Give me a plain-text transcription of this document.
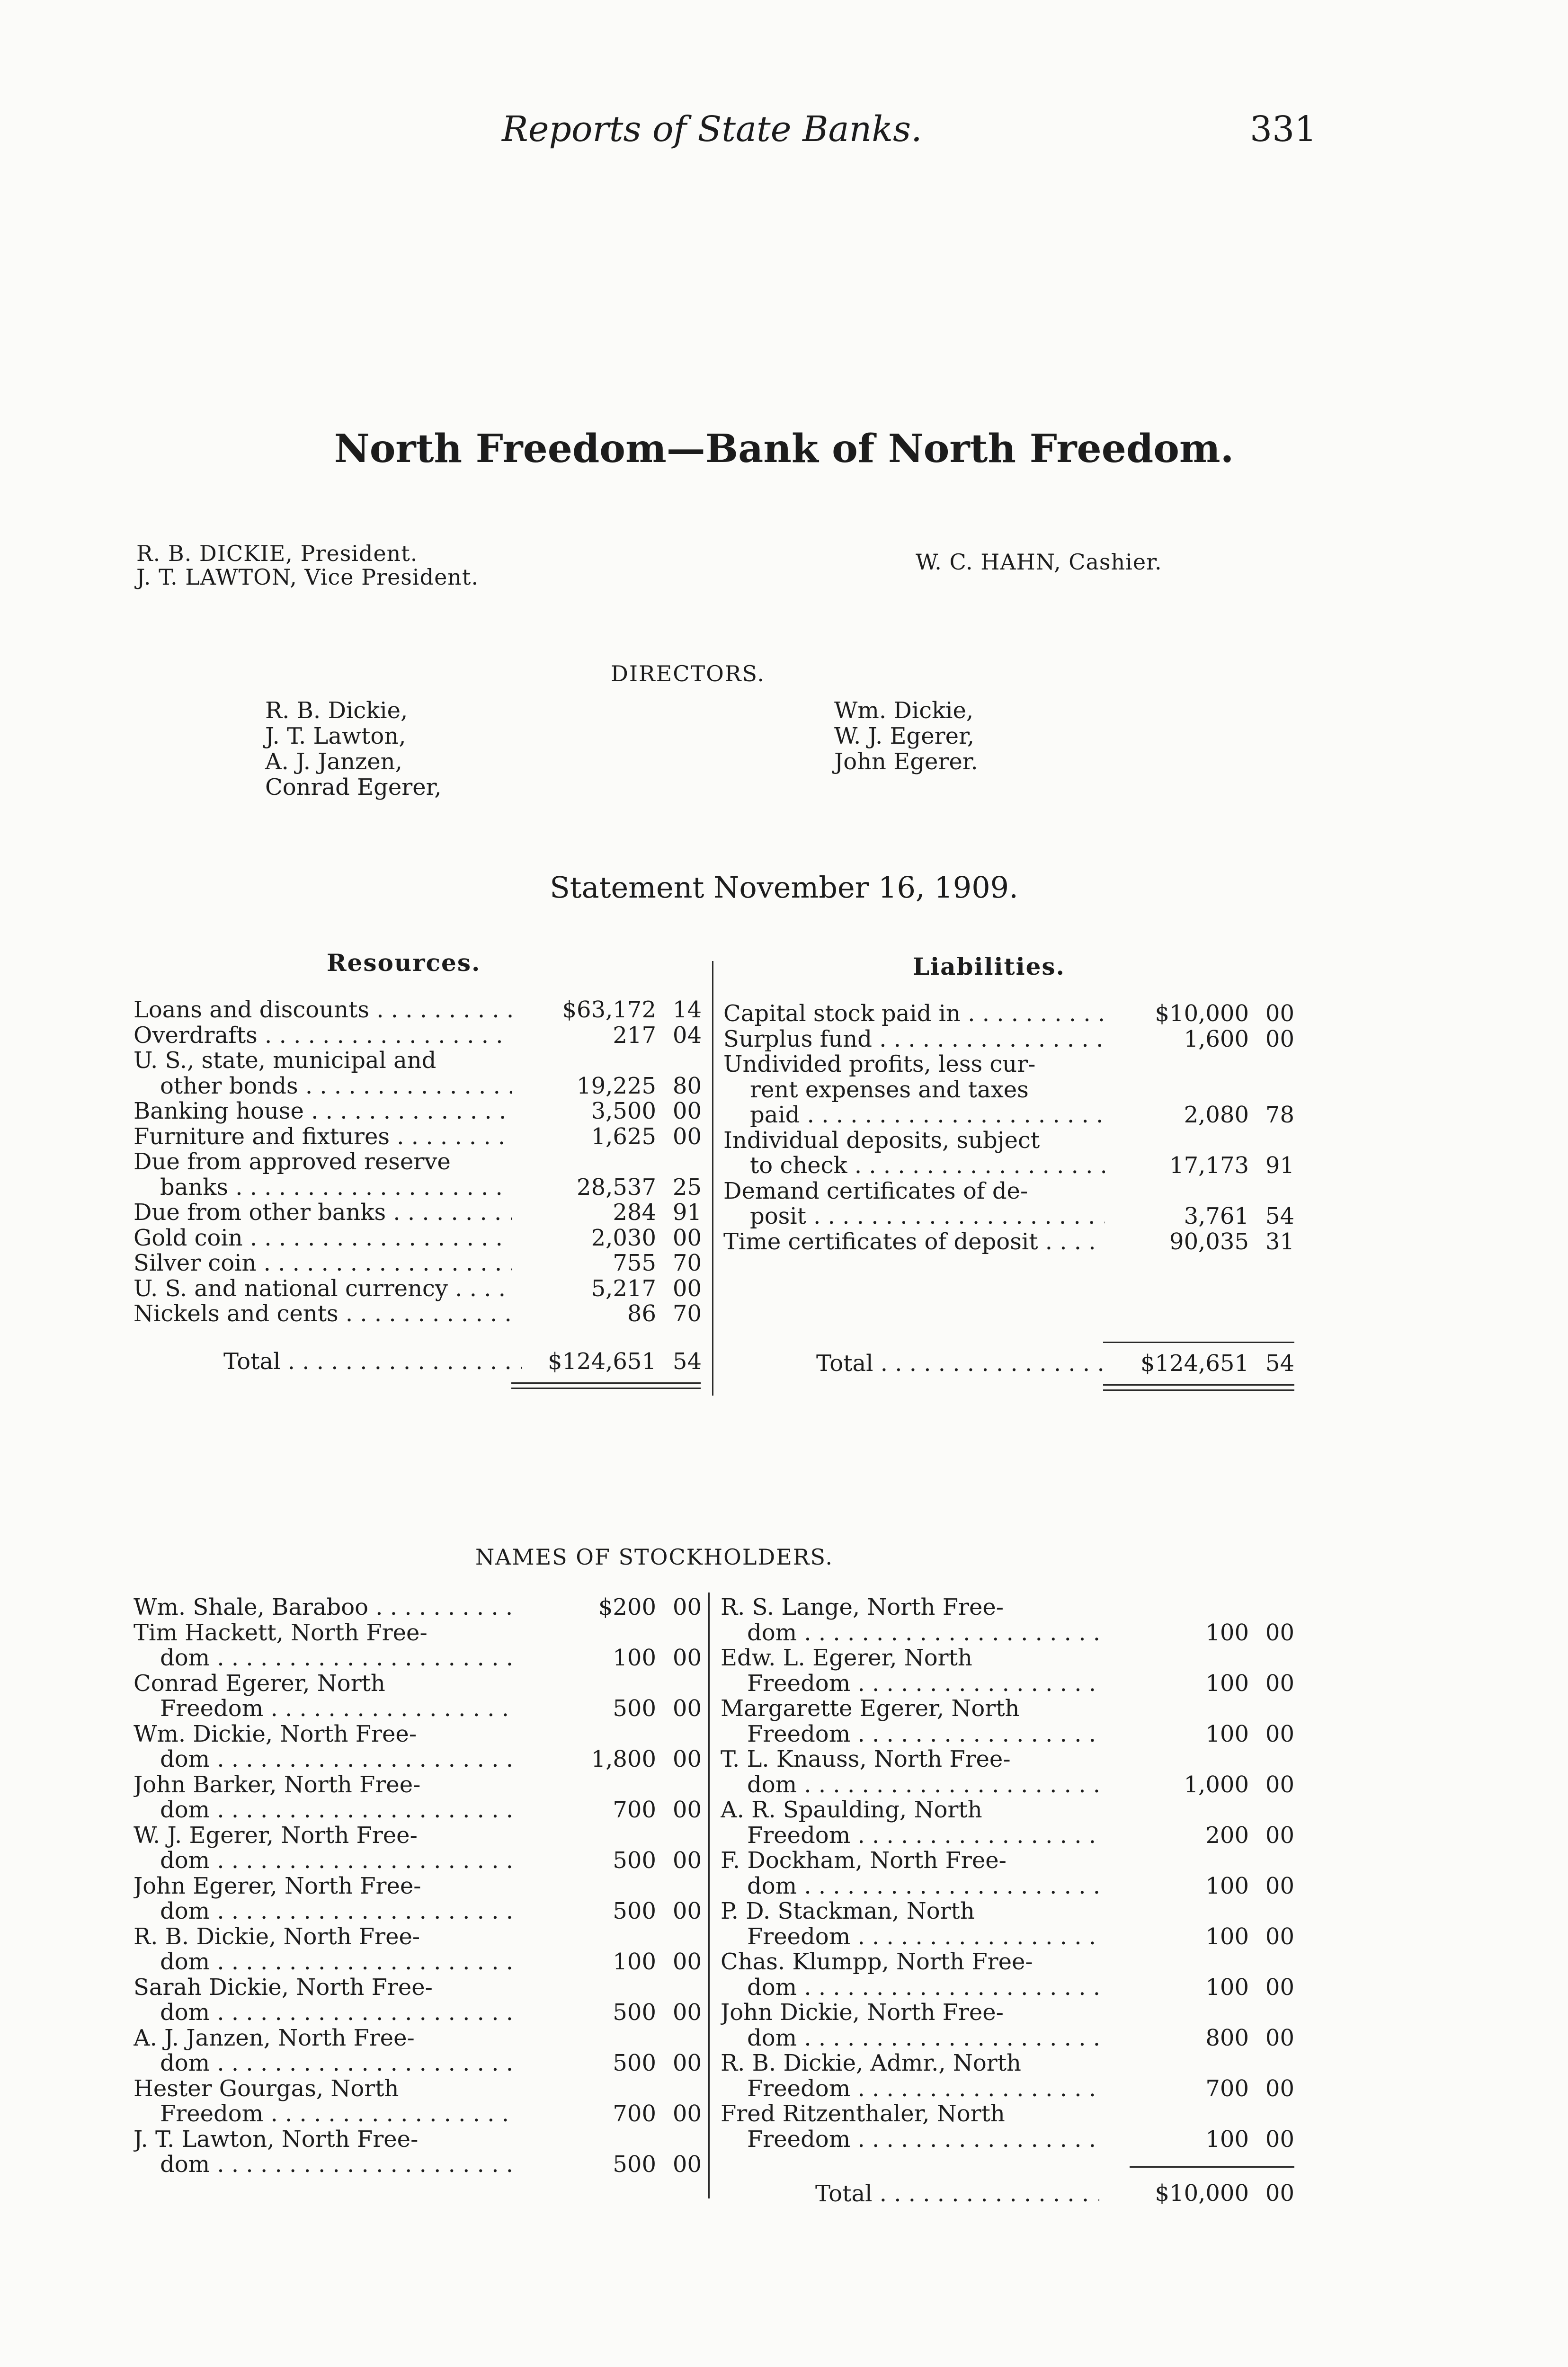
Reports of State Banks.	331
North Freedom—Bank of North Freedom.
R. B. DICKIE, President.
J. T. LAWTON, Vice President.
W. C. HAHN, Cashier.
DIRECTORS.
R. B. Dickie,
J. T. Lawton,
A. J. Janzen,
Conrad Egerer,
Wm. Dickie,
W. J. Egerer,
John Egerer.
Statement November 16, 1909.
Resources.	Liabilities.
Loans and discounts . . .	$63,172 14
Overdrafts . . .	217 04
U. S., state, municipal and
other bonds . . .	19,225 80
Banking house . . .	3,500 00
Furniture and fixtures . . .	1,625 00
Due from approved reserve
banks . . .	28,537 25
Due from other banks . . .	284 91
Gold coin . . .	2,030 00
Silver coin . . .	755 70
U. S. and national currency . . .	5,217 00
Nickels and cents . . .	86 70
Total . . .	$124,651 54
Capital stock paid in . . .	$10,000 00
Surplus fund . . .	1,600 00
Undivided profits, less cur-
rent expenses and taxes
paid . . .	2,080 78
Individual deposits, subject
to check . . .	17,173 91
Demand certificates of de-
posit . . .	3,761 54
Time certificates of deposit . . .	90,035 31
Total . . .	$124,651 54
NAMES OF STOCKHOLDERS.
Wm. Shale, Baraboo . . .	$200 00
Tim Hackett, North Free-
dom . . .	100 00
Conrad Egerer, North
Freedom . . .	500 00
Wm. Dickie, North Free-
dom . . .	1,800 00
John Barker, North Free-
dom . . .	700 00
W. J. Egerer, North Free-
dom . . .	500 00
John Egerer, North Free-
dom . . .	500 00
R. B. Dickie, North Free-
dom . . .	100 00
Sarah Dickie, North Free-
dom . . .	500 00
A. J. Janzen, North Free-
dom . . .	500 00
Hester Gourgas, North
Freedom . . .	700 00
J. T. Lawton, North Free-
dom . . .	500 00
R. S. Lange, North Free-
dom . . .	100 00
Edw. L. Egerer, North
Freedom . . .	100 00
Margarette Egerer, North
Freedom . . .	100 00
T. L. Knauss, North Free-
dom . . .	1,000 00
A. R. Spaulding, North
Freedom . . .	200 00
F. Dockham, North Free-
dom . . .	100 00
P. D. Stackman, North
Freedom . . .	100 00
Chas. Klumpp, North Free-
dom . . .	100 00
John Dickie, North Free-
dom . . .	800 00
R. B. Dickie, Admr., North
Freedom . . .	700 00
Fred Ritzenthaler, North
Freedom . . .	100 00
Total . . .	$10,000 00
